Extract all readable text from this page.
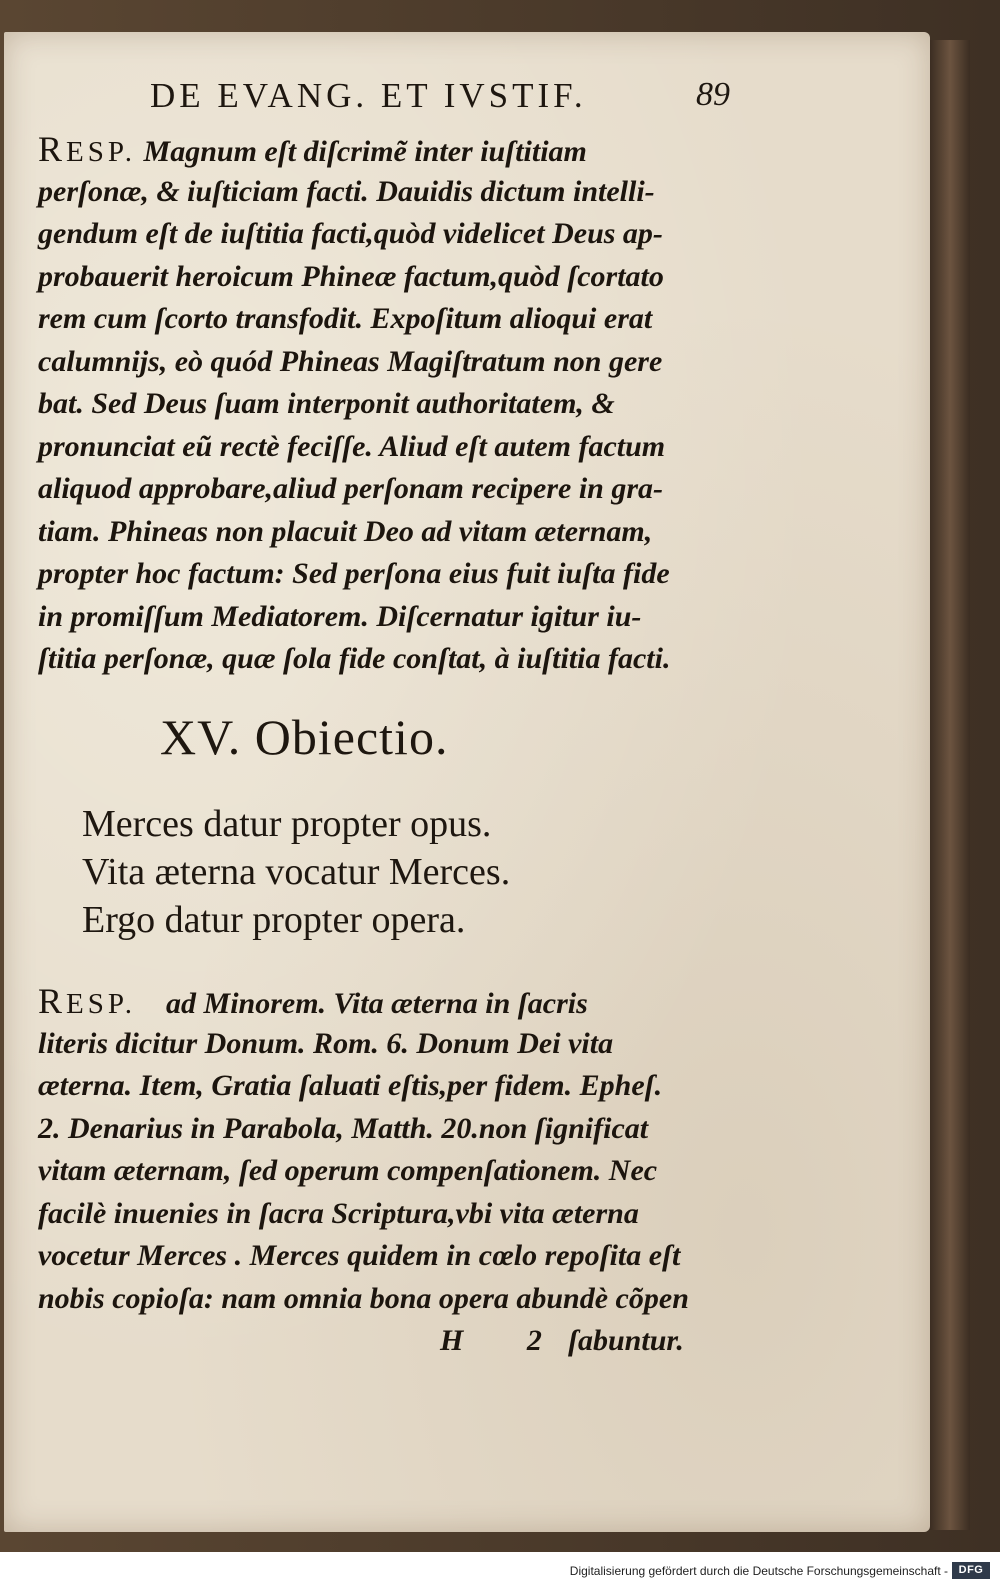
DE EVANG. ET IVSTIF.	89
RESP. Magnum eſt diſcrimẽ inter iuſtitiam
perſonæ, & iuſticiam facti. Dauidis dictum intelli-
gendum eſt de iuſtitia facti,quòd videlicet Deus ap-
probauerit heroicum Phineæ factum,quòd ſcortato
rem cum ſcorto transfodit. Expoſitum alioqui erat
calumnijs, eò quód Phineas Magiſtratum non gere
bat. Sed Deus ſuam interponit authoritatem, &
pronunciat eũ rectè feciſſe. Aliud eſt autem factum
aliquod approbare,aliud perſonam recipere in gra-
tiam. Phineas non placuit Deo ad vitam æternam,
propter hoc factum: Sed perſona eius fuit iuſta fide
in promiſſum Mediatorem. Diſcernatur igitur iu-
ſtitia perſonæ, quæ ſola fide conſtat, à iuſtitia facti.
XV. Obiectio.
Merces datur propter opus.
Vita æterna vocatur Merces.
Ergo datur propter opera.
RESP.    ad Minorem. Vita æterna in ſacris
literis dicitur Donum. Rom. 6. Donum Dei vita
æterna. Item, Gratia ſaluati eſtis,per fidem. Epheſ.
2. Denarius in Parabola, Matth. 20.non ſignificat
vitam æternam, ſed operum compenſationem. Nec
facilè inuenies in ſacra Scriptura,vbi vita æterna
vocetur Merces . Merces quidem in cœlo repoſita eſt
nobis copioſa: nam omnia bona opera abundè cõpen
H 2
ſabuntur.
Digitalisierung gefördert durch die Deutsche Forschungsgemeinschaft - DFG
